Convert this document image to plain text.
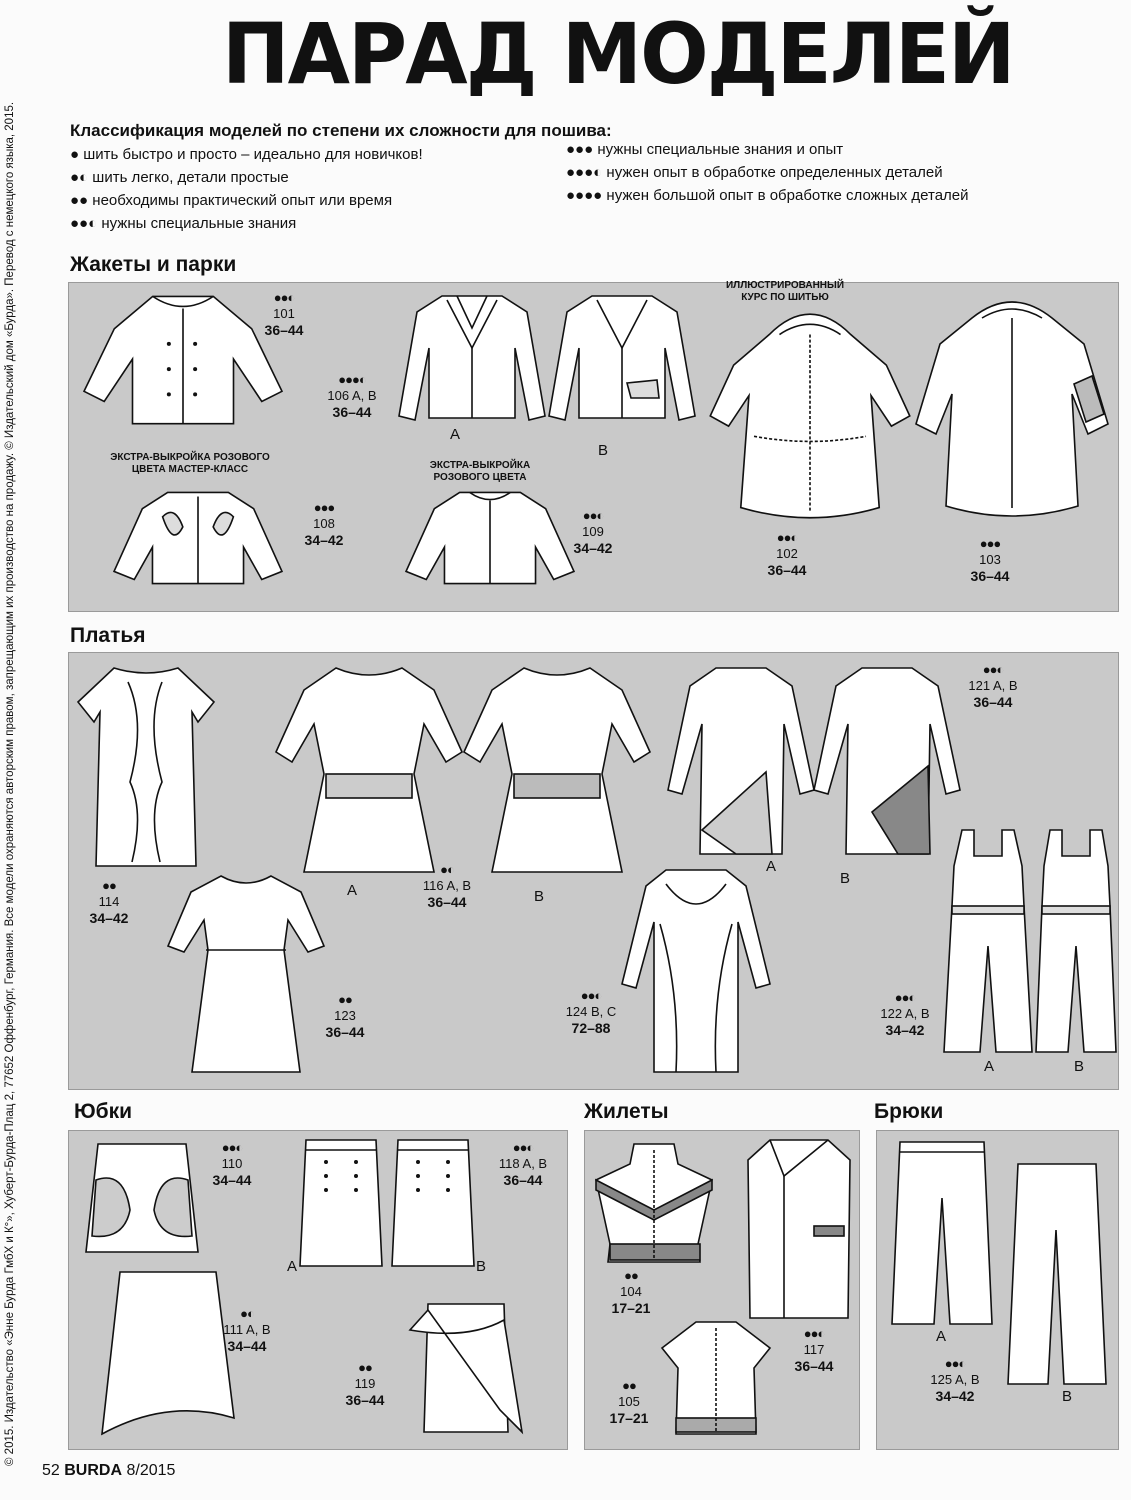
© 2015. Издательство «Энне Бурда ГмбХ и К°», Хуберт-Бурда-Плац 2, 77652 Оффенбург, Германия. Все модели охраняются авторским правом, запрещающим их производство на продажу. © Издательский дом «Бурда». Перевод с немецкого языка, 2015.
ПАРАД МОДЕЛЕЙ
Классификация моделей по степени их сложности для пошива:
● шить быстро и просто – идеально для новичков!
●◐ шить легко, детали простые
●● необходимы практический опыт или время
●●◐ нужны специальные знания
●●● нужны специальные знания и опыт
●●●◐ нужен опыт в обработке определенных деталей
●●●● нужен большой опыт в обработке сложных деталей
Жакеты и парки
●●◐
101
36–44
A
B
●●●◐
106 A, B
36–44
ИЛЛЮСТРИРОВАННЫЙ КУРС ПО ШИТЬЮ
●●◐
102
36–44
●●●
103
36–44
ЭКСТРА-ВЫКРОЙКА РОЗОВОГО ЦВЕТА МАСТЕР-КЛАСС
●●●
108
34–42
ЭКСТРА-ВЫКРОЙКА РОЗОВОГО ЦВЕТА
●●◐
109
34–42
Платья
●●
114
34–42
A	B
●◐
116 A, B
36–44
A
B
●●◐
121 A, B
36–44
●●
123
36–44
●●◐
124 B, C
72–88
A	B
●●◐
122 A, B
34–42
Юбки
●●◐
110
34–44
A	B
●●◐
118 A, B
36–44
●◐
111 A, B
34–44
●●
119
36–44
Жилеты
●●
104
17–21
●●◐
117
36–44
●●
105
17–21
Брюки
A
B
●●◐
125 A, B
34–42
52 BURDA 8/2015
